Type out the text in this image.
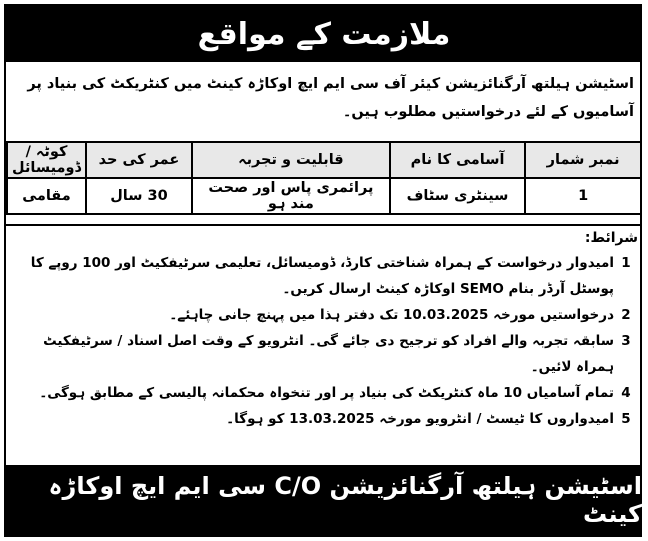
ملازمت کے مواقع
اسٹیشن ہیلتھ آرگنائزیشن کیئر آف سی ایم ایچ اوکاڑہ کینٹ میں کنٹریکٹ کی بنیاد پر آسامیوں کے لئے درخواستیں مطلوب ہیں۔
نمبر شمار	آسامی کا نام	قابلیت و تجربہ	عمر کی حد	کوٹہ / ڈومیسائل
1	سینٹری سٹاف	پرائمری پاس اور صحت مند ہو	30 سال	مقامی
شرائط:
1
امیدوار درخواست کے ہمراہ شناختی کارڈ، ڈومیسائل، تعلیمی سرٹیفکیٹ اور 100 روپے کا پوسٹل آرڈر بنام SEMO اوکاڑہ کینٹ ارسال کریں۔
2
درخواستیں مورخہ 10.03.2025 تک دفتر ہذا میں پہنچ جانی چاہئے۔
3
سابقہ تجربہ والے افراد کو ترجیح دی جائے گی۔ انٹرویو کے وقت اصل اسناد / سرٹیفکیٹ ہمراہ لائیں۔
4
تمام آسامیاں 10 ماہ کنٹریکٹ کی بنیاد پر اور تنخواہ محکمانہ پالیسی کے مطابق ہوگی۔
5
امیدواروں کا ٹیسٹ / انٹرویو مورخہ 13.03.2025 کو ہوگا۔
اسٹیشن ہیلتھ آرگنائزیشن C/O سی ایم ایچ اوکاڑہ کینٹ
